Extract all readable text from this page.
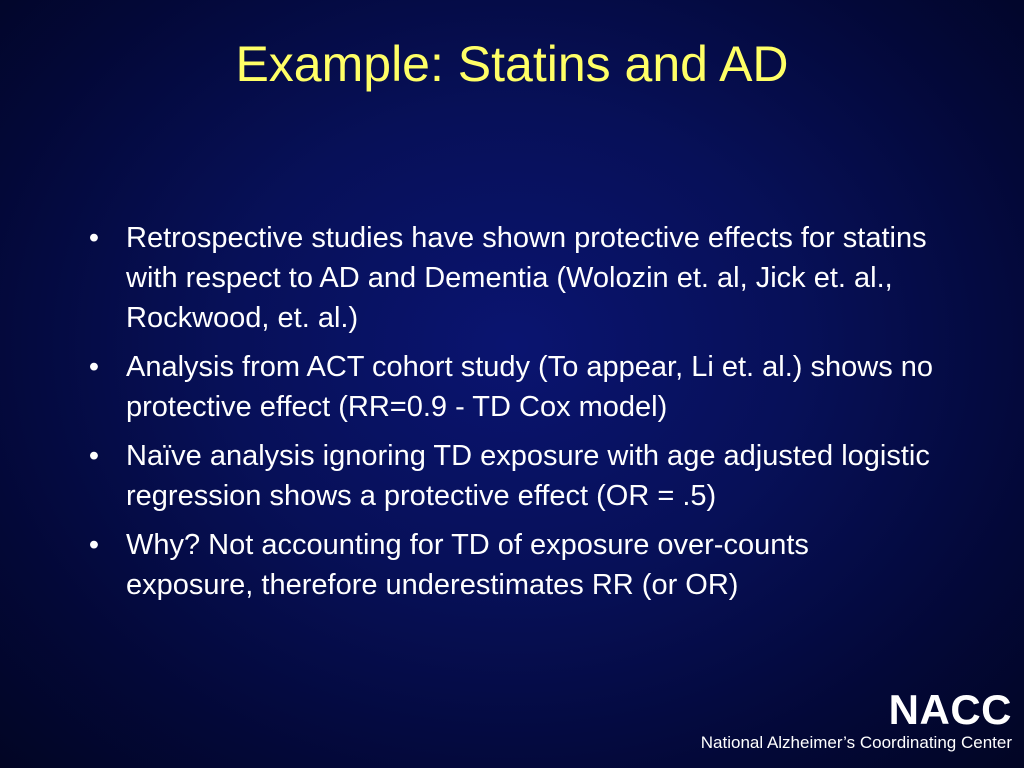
Example: Statins and AD
• Retrospective studies have shown protective effects for statins with respect to AD and Dementia (Wolozin et. al, Jick et. al., Rockwood, et. al.)
• Analysis from ACT cohort study (To appear, Li et. al.) shows no protective effect (RR=0.9 - TD Cox model)
• Naïve analysis ignoring TD exposure with age adjusted logistic regression shows a protective effect (OR = .5)
• Why? Not accounting for TD of exposure over-counts exposure, therefore underestimates RR (or OR)
NACC
National Alzheimer’s Coordinating Center
